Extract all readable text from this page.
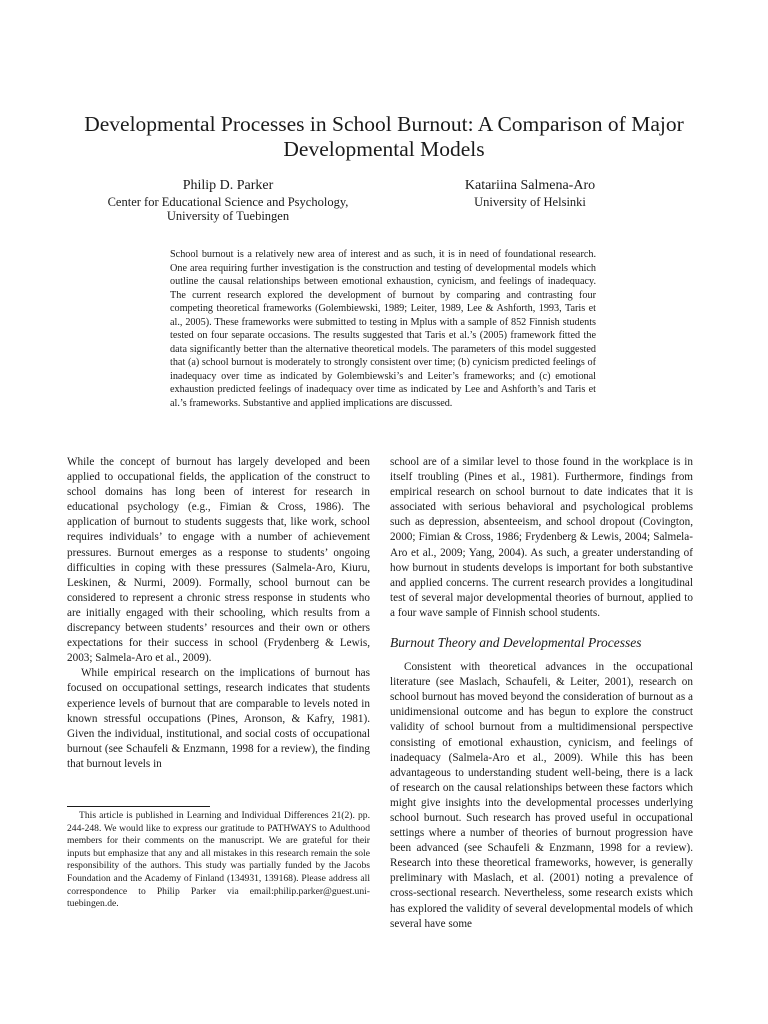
Developmental Processes in School Burnout: A Comparison of Major Developmental Models
Philip D. Parker
Center for Educational Science and Psychology,
University of Tuebingen
Katariina Salmena-Aro
University of Helsinki

School burnout is a relatively new area of interest and as such, it is in need of foundational research. One area requiring further investigation is the construction and testing of developmental models which outline the causal relationships between emotional exhaustion, cynicism, and feelings of inadequacy. The current research explored the development of burnout by comparing and contrasting four competing theoretical frameworks (Golembiewski, 1989; Leiter, 1989, Lee & Ashforth, 1993, Taris et al., 2005). These frameworks were submitted to testing in Mplus with a sample of 852 Finnish students tested on four separate occasions. The results suggested that Taris et al.’s (2005) framework fitted the data significantly better than the alternative theoretical models. The parameters of this model suggested that (a) school burnout is moderately to strongly consistent over time; (b) cynicism predicted feelings of inadequacy over time as indicated by Golembiewski’s and Leiter’s frameworks; and (c) emotional exhaustion predicted feelings of inadequacy over time as indicated by Lee and Ashforth’s and Taris et al.’s frameworks. Substantive and applied implications are discussed.

While the concept of burnout has largely developed and been applied to occupational fields, the application of the construct to school domains has long been of interest for research in educational psychology (e.g., Fimian & Cross, 1986). The application of burnout to students suggests that, like work, school requires individuals’ to engage with a number of achievement pressures. Burnout emerges as a response to students’ ongoing difficulties in coping with these pressures (Salmela-Aro, Kiuru, Leskinen, & Nurmi, 2009). Formally, school burnout can be considered to represent a chronic stress response in students who are initially engaged with their schooling, which results from a discrepancy between students’ resources and their own or others expectations for their success in school (Frydenberg & Lewis, 2003; Salmela-Aro et al., 2009).

While empirical research on the implications of burnout has focused on occupational settings, research indicates that students experience levels of burnout that are comparable to levels noted in known stressful occupations (Pines, Aronson, & Kafry, 1981). Given the individual, institutional, and social costs of occupational burnout (see Schaufeli & Enzmann, 1998 for a review), the finding that burnout levels in

This article is published in Learning and Individual Differences 21(2). pp. 244-248. We would like to express our gratitude to PATHWAYS to Adulthood members for their comments on the manuscript. We are grateful for their inputs but emphasize that any and all mistakes in this research remain the sole responsibility of the authors. This study was partially funded by the Jacobs Foundation and the Academy of Finland (134931, 139168). Please address all correspondence to Philip Parker via email:philip.parker@guest.uni-tuebingen.de.

school are of a similar level to those found in the workplace is in itself troubling (Pines et al., 1981). Furthermore, findings from empirical research on school burnout to date indicates that it is associated with serious behavioral and psychological problems such as depression, absenteeism, and school dropout (Covington, 2000; Fimian & Cross, 1986; Frydenberg & Lewis, 2004; Salmela-Aro et al., 2009; Yang, 2004). As such, a greater understanding of how burnout in students develops is important for both substantive and applied concerns. The current research provides a longitudinal test of several major developmental theories of burnout, applied to a four wave sample of Finnish school students.

Burnout Theory and Developmental Processes

Consistent with theoretical advances in the occupational literature (see Maslach, Schaufeli, & Leiter, 2001), research on school burnout has moved beyond the consideration of burnout as a unidimensional outcome and has begun to explore the construct validity of school burnout from a multidimensional perspective consisting of emotional exhaustion, cynicism, and feelings of inadequacy (Salmela-Aro et al., 2009). While this has been advantageous to understanding student well-being, there is a lack of research on the causal relationships between these factors which might give insights into the developmental processes underlying school burnout. Such research has proved useful in occupational settings where a number of theories of burnout progression have been advanced (see Schaufeli & Enzmann, 1998 for a review). Research into these theoretical frameworks, however, is generally preliminary with Maslach, et al. (2001) noting a prevalence of cross-sectional research. Nevertheless, some research exists which has explored the validity of several developmental models of which several have some
